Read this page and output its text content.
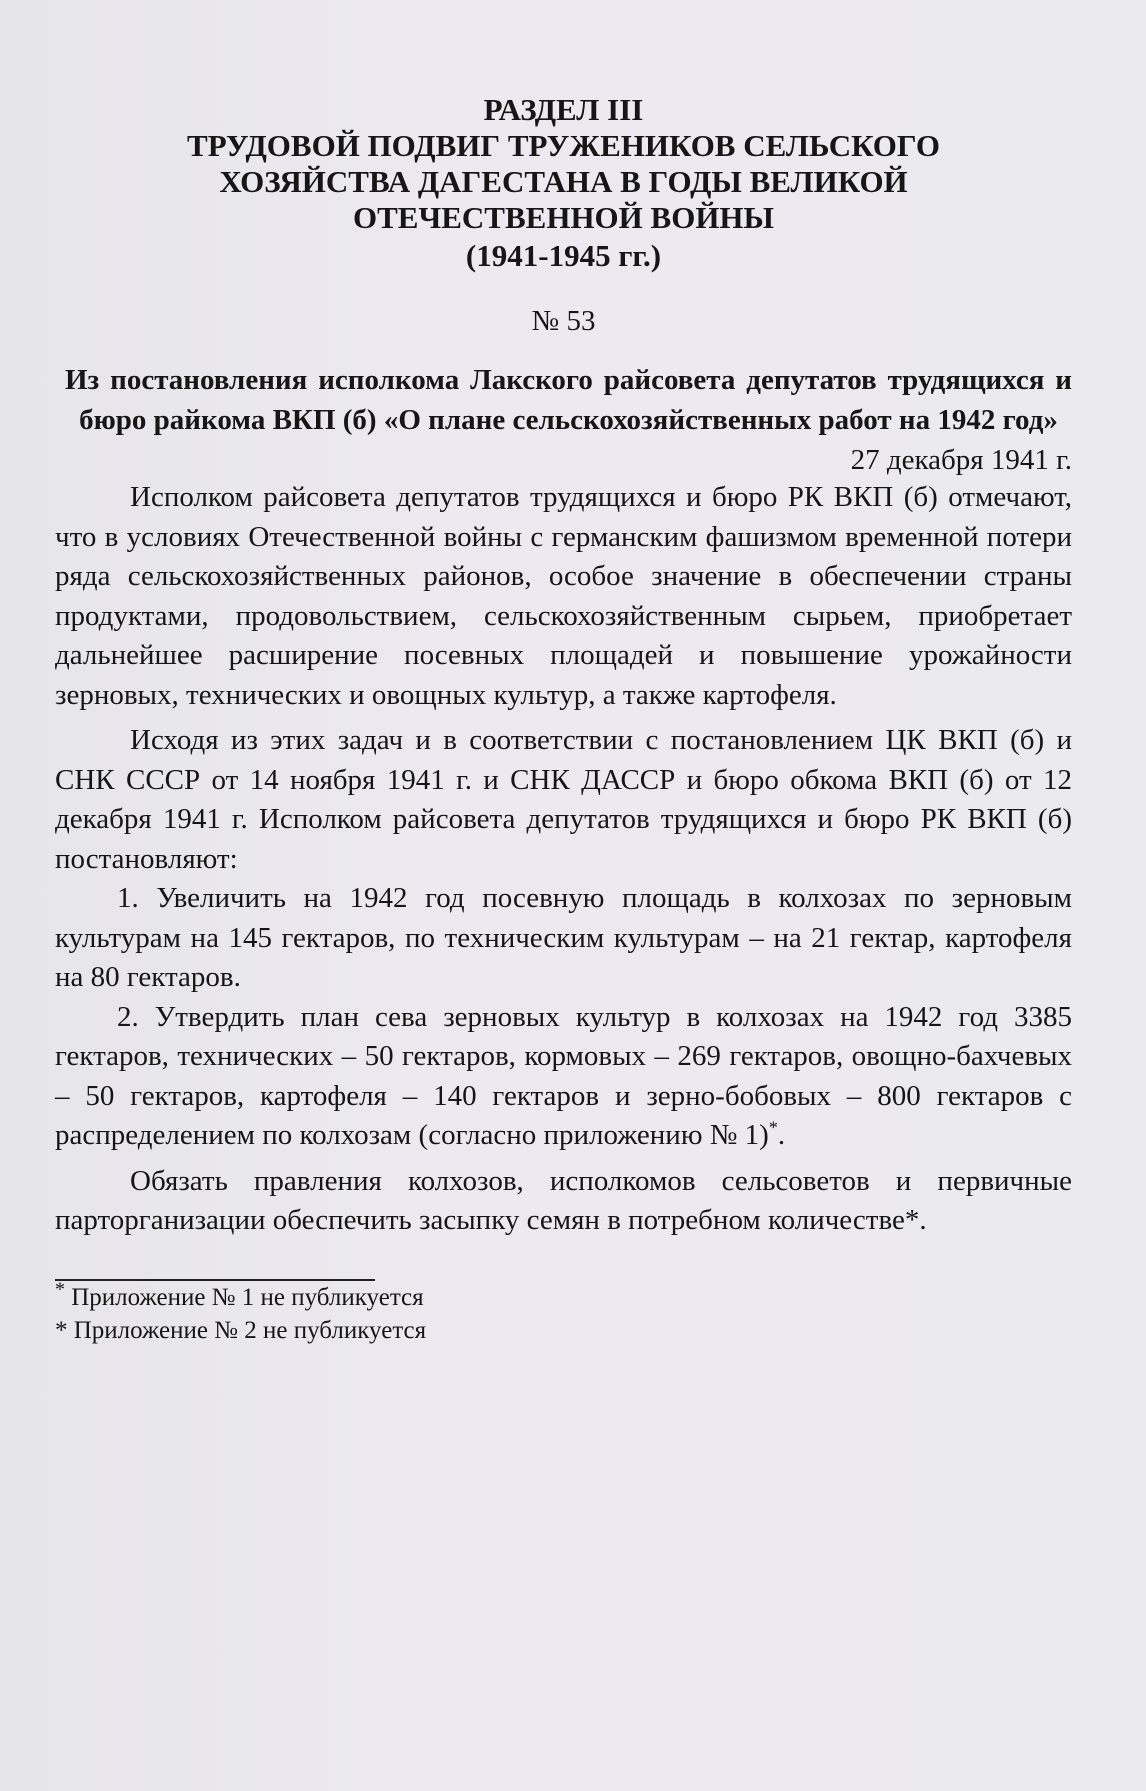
РАЗДЕЛ III
ТРУДОВОЙ ПОДВИГ ТРУЖЕНИКОВ СЕЛЬСКОГО
ХОЗЯЙСТВА ДАГЕСТАНА В ГОДЫ ВЕЛИКОЙ
ОТЕЧЕСТВЕННОЙ ВОЙНЫ
(1941-1945 гг.)
№ 53

Из постановления исполкома Лакского райсовета депутатов трудящихся и бюро райкома ВКП (б) «О плане сельскохозяйственных работ на 1942 год»

27 декабря 1941 г.

Исполком райсовета депутатов трудящихся и бюро РК ВКП (б) отмечают, что в условиях Отечественной войны с германским фашизмом временной потери ряда сельскохозяйственных районов, особое значение в обеспечении страны продуктами, продовольствием, сельскохозяйственным сырьем, приобретает дальнейшее расширение посевных площадей и повышение урожайности зерновых, технических и овощных культур, а также картофеля.

Исходя из этих задач и в соответствии с постановлением ЦК ВКП (б) и СНК СССР от 14 ноября 1941 г. и СНК ДАССР и бюро обкома ВКП (б) от 12 декабря 1941 г. Исполком райсовета депутатов трудящихся и бюро РК ВКП (б) постановляют:

1. Увеличить на 1942 год посевную площадь в колхозах по зерновым культурам на 145 гектаров, по техническим культурам – на 21 гектар, картофеля на 80 гектаров.

2. Утвердить план сева зерновых культур в колхозах на 1942 год 3385 гектаров, технических – 50 гектаров, кормовых – 269 гектаров, овощно-бахчевых – 50 гектаров, картофеля – 140 гектаров и зерно-бобовых – 800 гектаров с распределением по колхозам (согласно приложению № 1)*.

Обязать правления колхозов, исполкомов сельсоветов и первичные парторганизации обеспечить засыпку семян в потребном количестве*.

* Приложение № 1 не публикуется

* Приложение № 2 не публикуется
